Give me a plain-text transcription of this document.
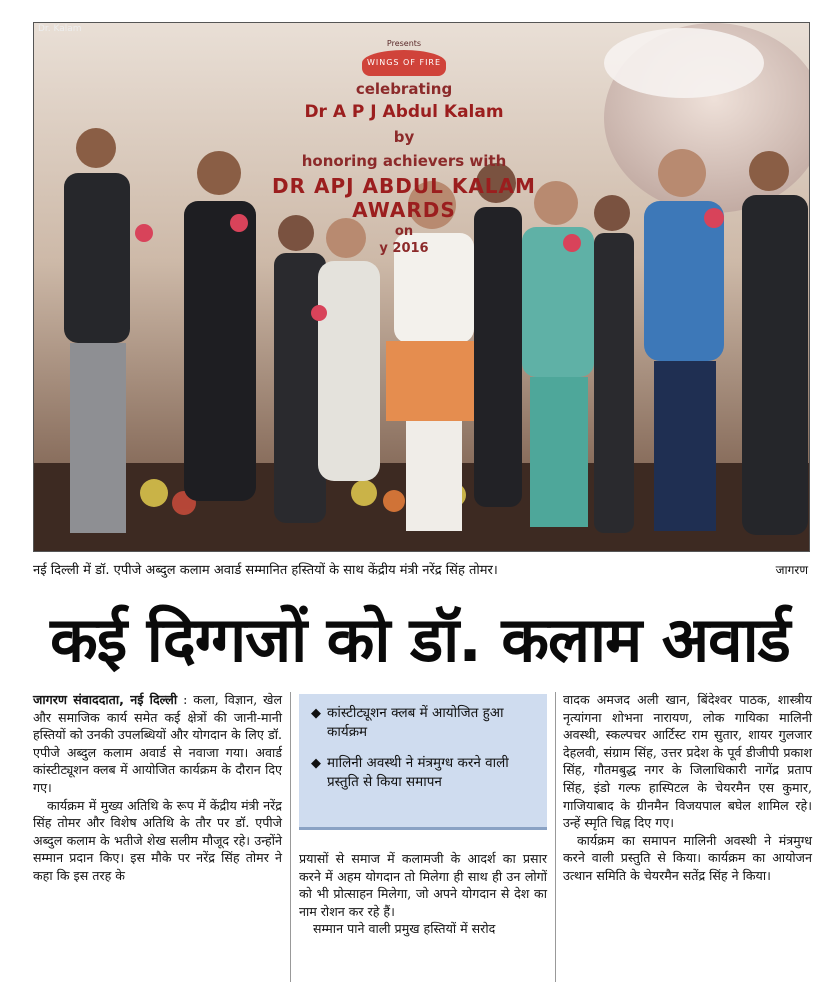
Dr. Kalam
Presents
WINGS OF FIRE
celebrating
Dr A P J Abdul Kalam
by
honoring achievers with
DR APJ ABDUL KALAM AWARDS
on
y 2016
नई दिल्ली में डॉ. एपीजे अब्दुल कलाम अवार्ड सम्मानित हस्तियों के साथ केंद्रीय मंत्री नरेंद्र सिंह तोमर।	जागरण
कई दिग्गजों को डॉ. कलाम अवार्ड

जागरण संवाददाता, नई दिल्ली : कला, विज्ञान, खेल और समाजिक कार्य समेत कई क्षेत्रों की जानी-मानी हस्तियों को उनकी उपलब्धियों और योगदान के लिए डॉ. एपीजे अब्दुल कलाम अवार्ड से नवाजा गया। अवार्ड कांस्टीट्यूशन क्लब में आयोजित कार्यक्रम के दौरान दिए गए।

कार्यक्रम में मुख्य अतिथि के रूप में केंद्रीय मंत्री नरेंद्र सिंह तोमर और विशेष अतिथि के तौर पर डॉ. एपीजे अब्दुल कलाम के भतीजे शेख सलीम मौजूद रहे। उन्होंने सम्मान प्रदान किए। इस मौके पर नरेंद्र सिंह तोमर ने कहा कि इस तरह के

◆ कांस्टीट्यूशन क्लब में आयोजित हुआ कार्यक्रम
◆ मालिनी अवस्थी ने मंत्रमुग्ध करने वाली प्रस्तुति से किया समापन

प्रयासों से समाज में कलामजी के आदर्श का प्रसार करने में अहम योगदान तो मिलेगा ही साथ ही उन लोगों को भी प्रोत्साहन मिलेगा, जो अपने योगदान से देश का नाम रोशन कर रहे हैं।

सम्मान पाने वाली प्रमुख हस्तियों में सरोद

वादक अमजद अली खान, बिंदेश्वर पाठक, शास्त्रीय नृत्यांगना शोभना नारायण, लोक गायिका मालिनी अवस्थी, स्कल्पचर आर्टिस्ट राम सुतार, शायर गुलजार देहलवी, संग्राम सिंह, उत्तर प्रदेश के पूर्व डीजीपी प्रकाश सिंह, गौतमबुद्ध नगर के जिलाधिकारी नागेंद्र प्रताप सिंह, इंडो गल्फ हास्पिटल के चेयरमैन एस कुमार, गाजियाबाद के ग्रीनमैन विजयपाल बघेल शामिल रहे। उन्हें स्मृति चिह्न दिए गए।

कार्यक्रम का समापन मालिनी अवस्थी ने मंत्रमुग्ध करने वाली प्रस्तुति से किया। कार्यक्रम का आयोजन उत्थान समिति के चेयरमैन सतेंद्र सिंह ने किया।
